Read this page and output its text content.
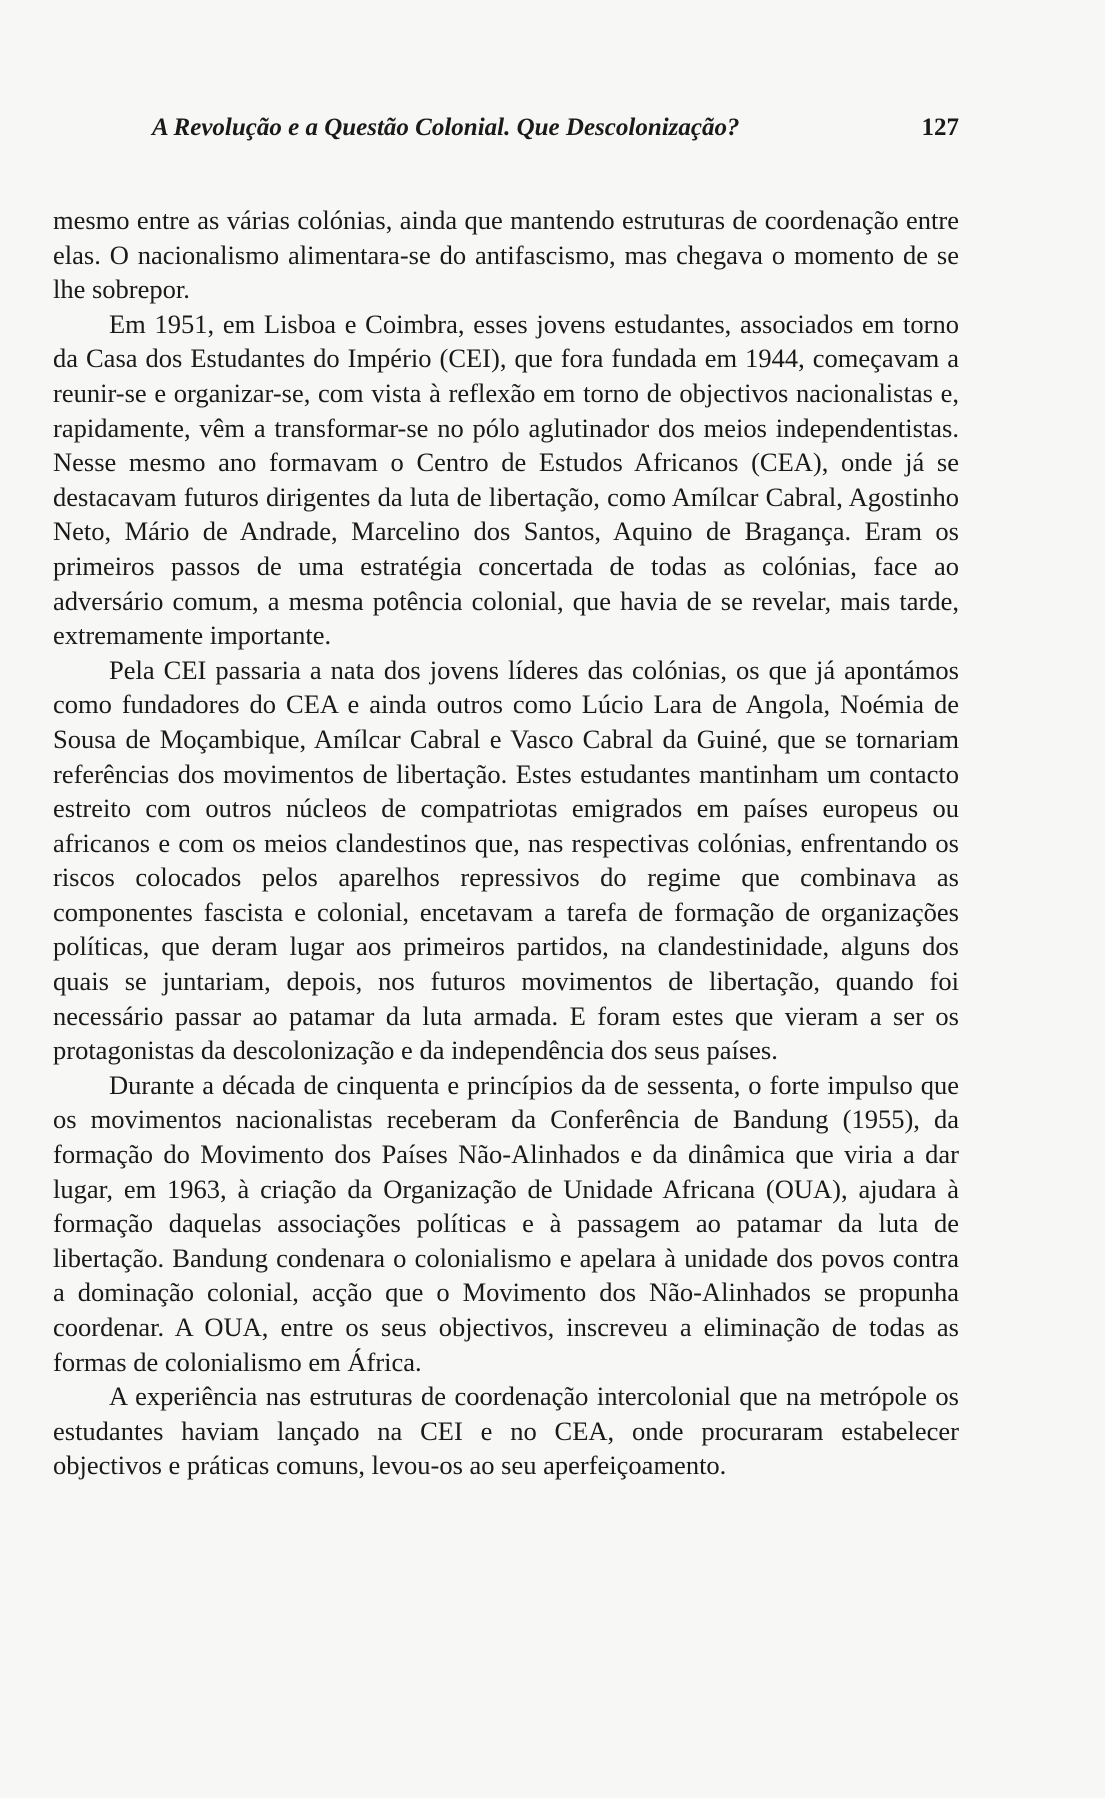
A Revolução e a Questão Colonial. Que Descolonização?	127

mesmo entre as várias colónias, ainda que mantendo estruturas de coordenação entre elas. O nacionalismo alimentara-se do antifascismo, mas chegava o momento de se lhe sobrepor.

Em 1951, em Lisboa e Coimbra, esses jovens estudantes, associados em torno da Casa dos Estudantes do Império (CEI), que fora fundada em 1944, começavam a reunir-se e organizar-se, com vista à reflexão em torno de objectivos nacionalistas e, rapidamente, vêm a transformar-se no pólo aglutinador dos meios independentistas. Nesse mesmo ano formavam o Centro de Estudos Africanos (CEA), onde já se destacavam futuros dirigentes da luta de libertação, como Amílcar Cabral, Agostinho Neto, Mário de Andrade, Marcelino dos Santos, Aquino de Bragança. Eram os primeiros passos de uma estratégia concertada de todas as colónias, face ao adversário comum, a mesma potência colonial, que havia de se revelar, mais tarde, extremamente importante.

Pela CEI passaria a nata dos jovens líderes das colónias, os que já apontámos como fundadores do CEA e ainda outros como Lúcio Lara de Angola, Noémia de Sousa de Moçambique, Amílcar Cabral e Vasco Cabral da Guiné, que se tornariam referências dos movimentos de libertação. Estes estudantes mantinham um contacto estreito com outros núcleos de compatriotas emigrados em países europeus ou africanos e com os meios clandestinos que, nas respectivas colónias, enfrentando os riscos colocados pelos aparelhos repressivos do regime que combinava as componentes fascista e colonial, encetavam a tarefa de formação de organizações políticas, que deram lugar aos primeiros partidos, na clandestinidade, alguns dos quais se juntariam, depois, nos futuros movimentos de libertação, quando foi necessário passar ao patamar da luta armada. E foram estes que vieram a ser os protagonistas da descolonização e da independência dos seus países.

Durante a década de cinquenta e princípios da de sessenta, o forte impulso que os movimentos nacionalistas receberam da Conferência de Bandung (1955), da formação do Movimento dos Países Não-Alinhados e da dinâmica que viria a dar lugar, em 1963, à criação da Organização de Unidade Africana (OUA), ajudara à formação daquelas associações políticas e à passagem ao patamar da luta de libertação. Bandung condenara o colonialismo e apelara à unidade dos povos contra a dominação colonial, acção que o Movimento dos Não-Alinhados se propunha coordenar. A OUA, entre os seus objectivos, inscreveu a eliminação de todas as formas de colonialismo em África.

A experiência nas estruturas de coordenação intercolonial que na metrópole os estudantes haviam lançado na CEI e no CEA, onde procuraram estabelecer objectivos e práticas comuns, levou-os ao seu aperfeiçoamento.
